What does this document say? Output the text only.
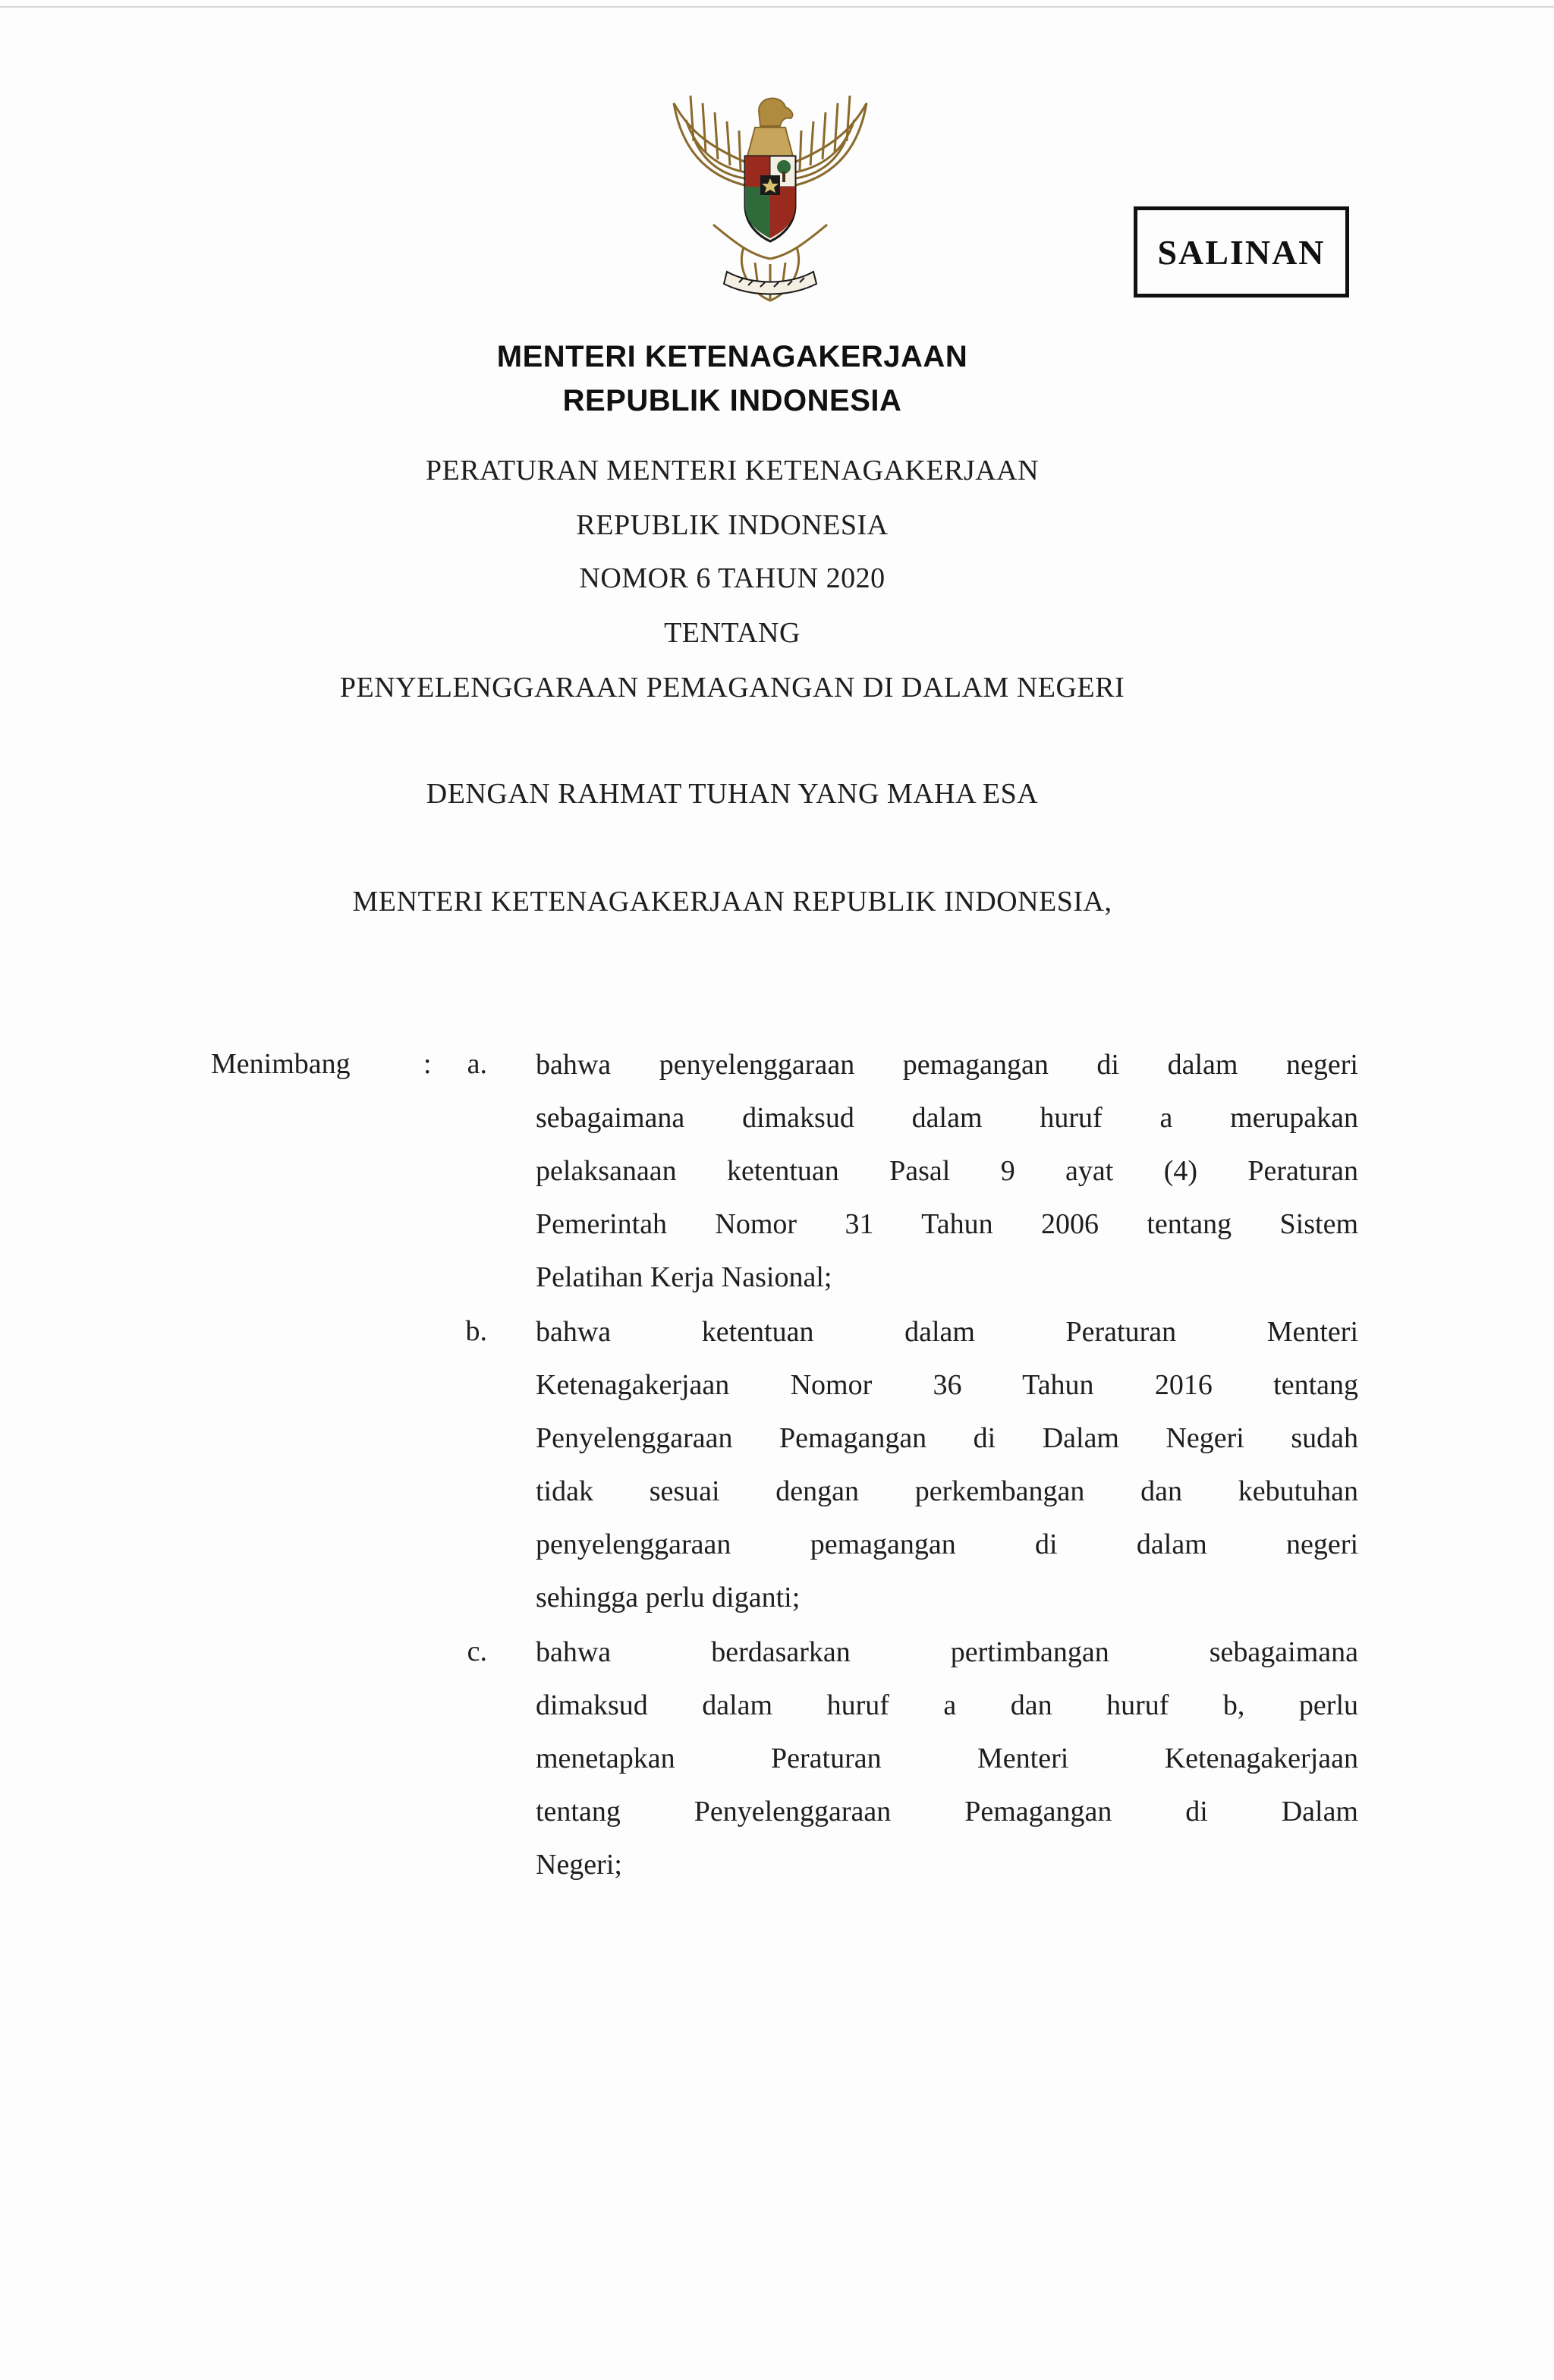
SALINAN
MENTERI KETENAGAKERJAAN
REPUBLIK INDONESIA
PERATURAN MENTERI KETENAGAKERJAAN
REPUBLIK INDONESIA
NOMOR 6 TAHUN 2020
TENTANG
PENYELENGGARAAN PEMAGANGAN DI DALAM NEGERI
DENGAN RAHMAT TUHAN YANG MAHA ESA
MENTERI KETENAGAKERJAAN REPUBLIK INDONESIA,
Menimbang	:	a. bahwa penyelenggaraan pemagangan di dalam negeri
sebagaimana dimaksud dalam huruf a merupakan
pelaksanaan ketentuan Pasal 9 ayat (4) Peraturan
Pemerintah Nomor 31 Tahun 2006 tentang Sistem
Pelatihan Kerja Nasional;
b. bahwa ketentuan dalam Peraturan Menteri
Ketenagakerjaan Nomor 36 Tahun 2016 tentang
Penyelenggaraan Pemagangan di Dalam Negeri sudah
tidak sesuai dengan perkembangan dan kebutuhan
penyelenggaraan pemagangan di dalam negeri
sehingga perlu diganti;
c. bahwa berdasarkan pertimbangan sebagaimana
dimaksud dalam huruf a dan huruf b, perlu
menetapkan Peraturan Menteri Ketenagakerjaan
tentang Penyelenggaraan Pemagangan di Dalam
Negeri;
